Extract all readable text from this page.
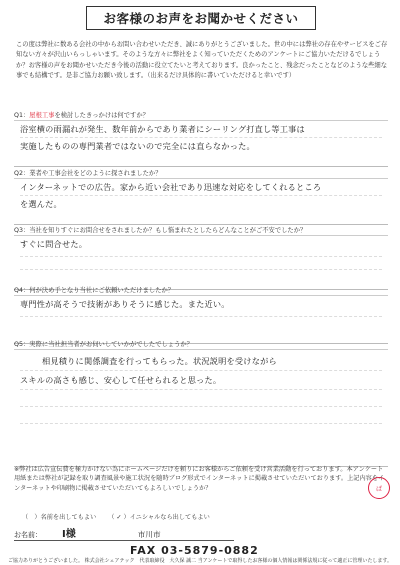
お客様のお声をお聞かせください
この度は弊社に数ある会社の中からお問い合わせいただき、誠にありがとうございました。世の中には弊社の存在やサービスをご存知ない方々が沢山いらっしゃいます。そのような方々に弊社をよく知っていただくためのアンケートにご協力いただけるでしょうか？お客様の声をお聞かせいただき今後の活動に役立てたいと考えております。良かったこと、残念だったことなどのような些細な事でも結構です。是非ご協力お願い致します。（出来るだけ具体的に書いていただけると幸いです）
Q1：屋根工事を検討したきっかけは何ですか？
浴室横の雨漏れが発生、数年前からであり業者にシーリング打直し等工事は
実施したものの専門業者ではないので完全には直らなかった。
Q2：業者や工事会社をどのように探されましたか？
インターネットでの広告。家から近い会社であり迅速な対応をしてくれるところ
を選んだ。
Q3：当社を知りすぐにお問合せをされましたか？もし悩まれたとしたらどんなことがご不安でしたか？
すぐに問合せた。
Q4：何が決め手となり当社にご依頼いただけましたか？
専門性が高そうで技術がありそうに感じた。また近い。
Q5：実際に当社担当者がお伺いしていかがでしたでしょうか？
相見積りに関係調査を行ってもらった。状況説明を受けながら
スキルの高さも感じ、安心して任せられると思った。
※弊社は広告宣伝費を極力かけない為にホームページだけを頼りにお客様からご依頼を受け営業活動を行っております。本アンケート用紙または弊社が記録を取り調査風景や施工状況を随時ブログ形式でインターネットに掲載させていただいております。上記内容をインターネットや印刷物に掲載させていただいてもよろしいでしょうか？	ぱ
（　）名前を出してもよい （ ✓ ）イニシャルなら出してもよい
お名前： I様	市川市
FAX 03-5879-0882
ご協力ありがとうございました。 株式会社シェアテック　代表取締役　大久保 誠二 当アンケートで取得したお客様の個人情報は関係法規に従って適正に管理いたします。
